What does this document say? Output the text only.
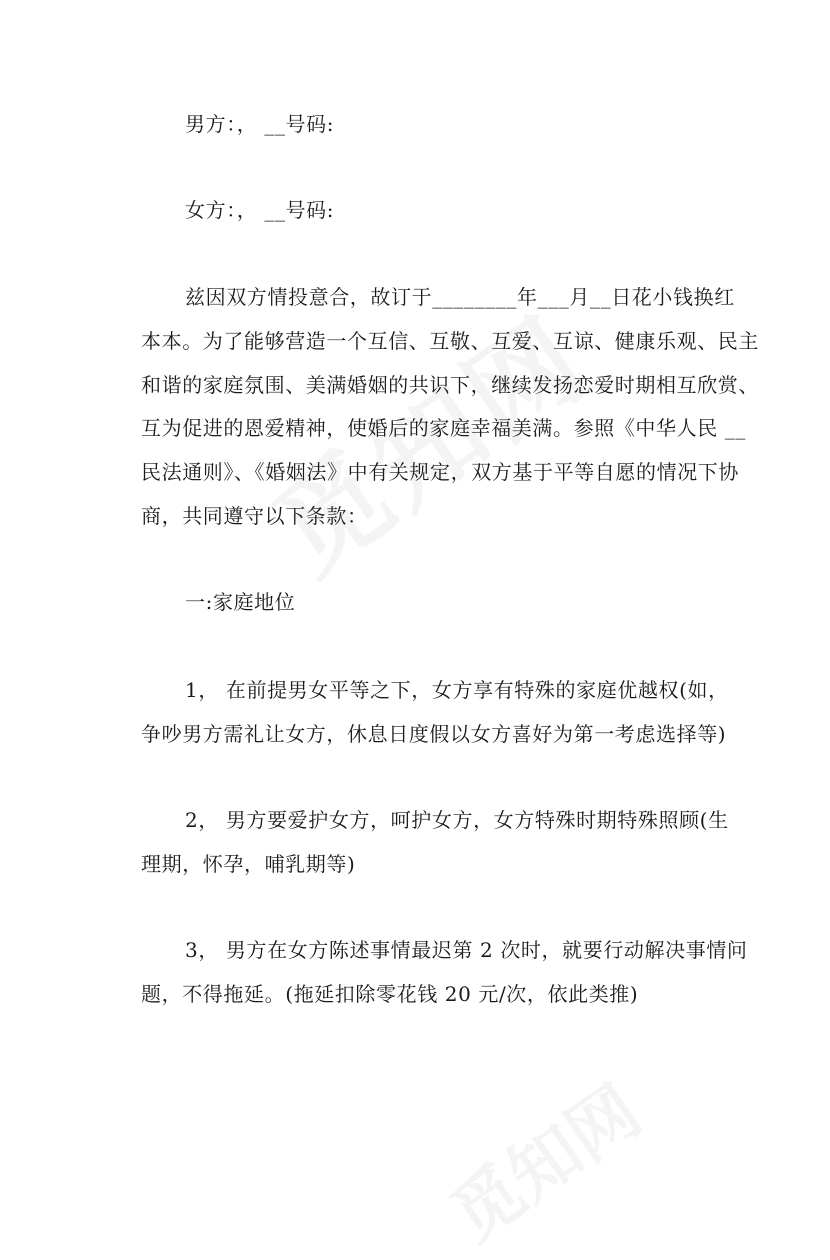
男方：， __号码:
女方：， __号码:
兹因双方情投意合，故订于________年___月__日花小钱换红
本本。为了能够营造一个互信、互敬、互爱、互谅、健康乐观、民主
和谐的家庭氛围、美满婚姻的共识下，继续发扬恋爱时期相互欣赏、
互为促进的恩爱精神，使婚后的家庭幸福美满。参照《中华人民 __
民法通则》、《婚姻法》中有关规定，双方基于平等自愿的情况下协
商，共同遵守以下条款：
一:家庭地位
1， 在前提男女平等之下，女方享有特殊的家庭优越权(如，
争吵男方需礼让女方，休息日度假以女方喜好为第一考虑选择等)
2， 男方要爱护女方，呵护女方，女方特殊时期特殊照顾(生
理期，怀孕，哺乳期等)
3， 男方在女方陈述事情最迟第 2 次时，就要行动解决事情问
题，不得拖延。(拖延扣除零花钱 20 元/次，依此类推)
